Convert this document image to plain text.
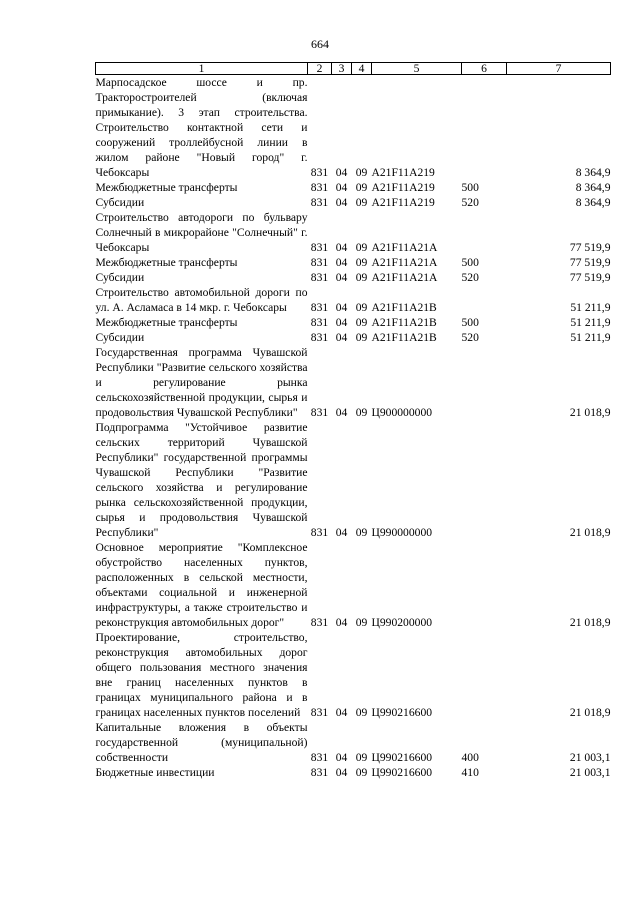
664
1	2	3	4	5	6	7
Марпосадское шоссе и пр. Тракторостроителей (включая примыкание). 3 этап строительства. Строительство контактной сети и сооружений троллейбусной линии в жилом районе "Новый город" г. Чебоксары	831	04	09	A21F11A219		8 364,9
Межбюджетные трансферты	831	04	09	A21F11A219	500	8 364,9
Субсидии	831	04	09	A21F11A219	520	8 364,9
Строительство автодороги по бульвару Солнечный в микрорайоне "Солнечный" г. Чебоксары	831	04	09	A21F11A21A		77 519,9
Межбюджетные трансферты	831	04	09	A21F11A21A	500	77 519,9
Субсидии	831	04	09	A21F11A21A	520	77 519,9
Строительство автомобильной дороги по ул. А. Асламаса в 14 мкр. г. Чебоксары	831	04	09	A21F11A21B		51 211,9
Межбюджетные трансферты	831	04	09	A21F11A21B	500	51 211,9
Субсидии	831	04	09	A21F11A21B	520	51 211,9
Государственная программа Чувашской Республики "Развитие сельского хозяйства и регулирование рынка сельскохозяйственной продукции, сырья и продовольствия Чувашской Республики"	831	04	09	Ц900000000		21 018,9
Подпрограмма "Устойчивое развитие сельских территорий Чувашской Республики" государственной программы Чувашской Республики "Развитие сельского хозяйства и регулирование рынка сельскохозяйственной продукции, сырья и продовольствия Чувашской Республики"	831	04	09	Ц990000000		21 018,9
Основное мероприятие "Комплексное обустройство населенных пунктов, расположенных в сельской местности, объектами социальной и инженерной инфраструктуры, а также строительство и реконструкция автомобильных дорог"	831	04	09	Ц990200000		21 018,9
Проектирование, строительство, реконструкция автомобильных дорог общего пользования местного значения вне границ населенных пунктов в границах муниципального района и в границах населенных пунктов поселений	831	04	09	Ц990216600		21 018,9
Капитальные вложения в объекты государственной (муниципальной) собственности	831	04	09	Ц990216600	400	21 003,1
Бюджетные инвестиции	831	04	09	Ц990216600	410	21 003,1
